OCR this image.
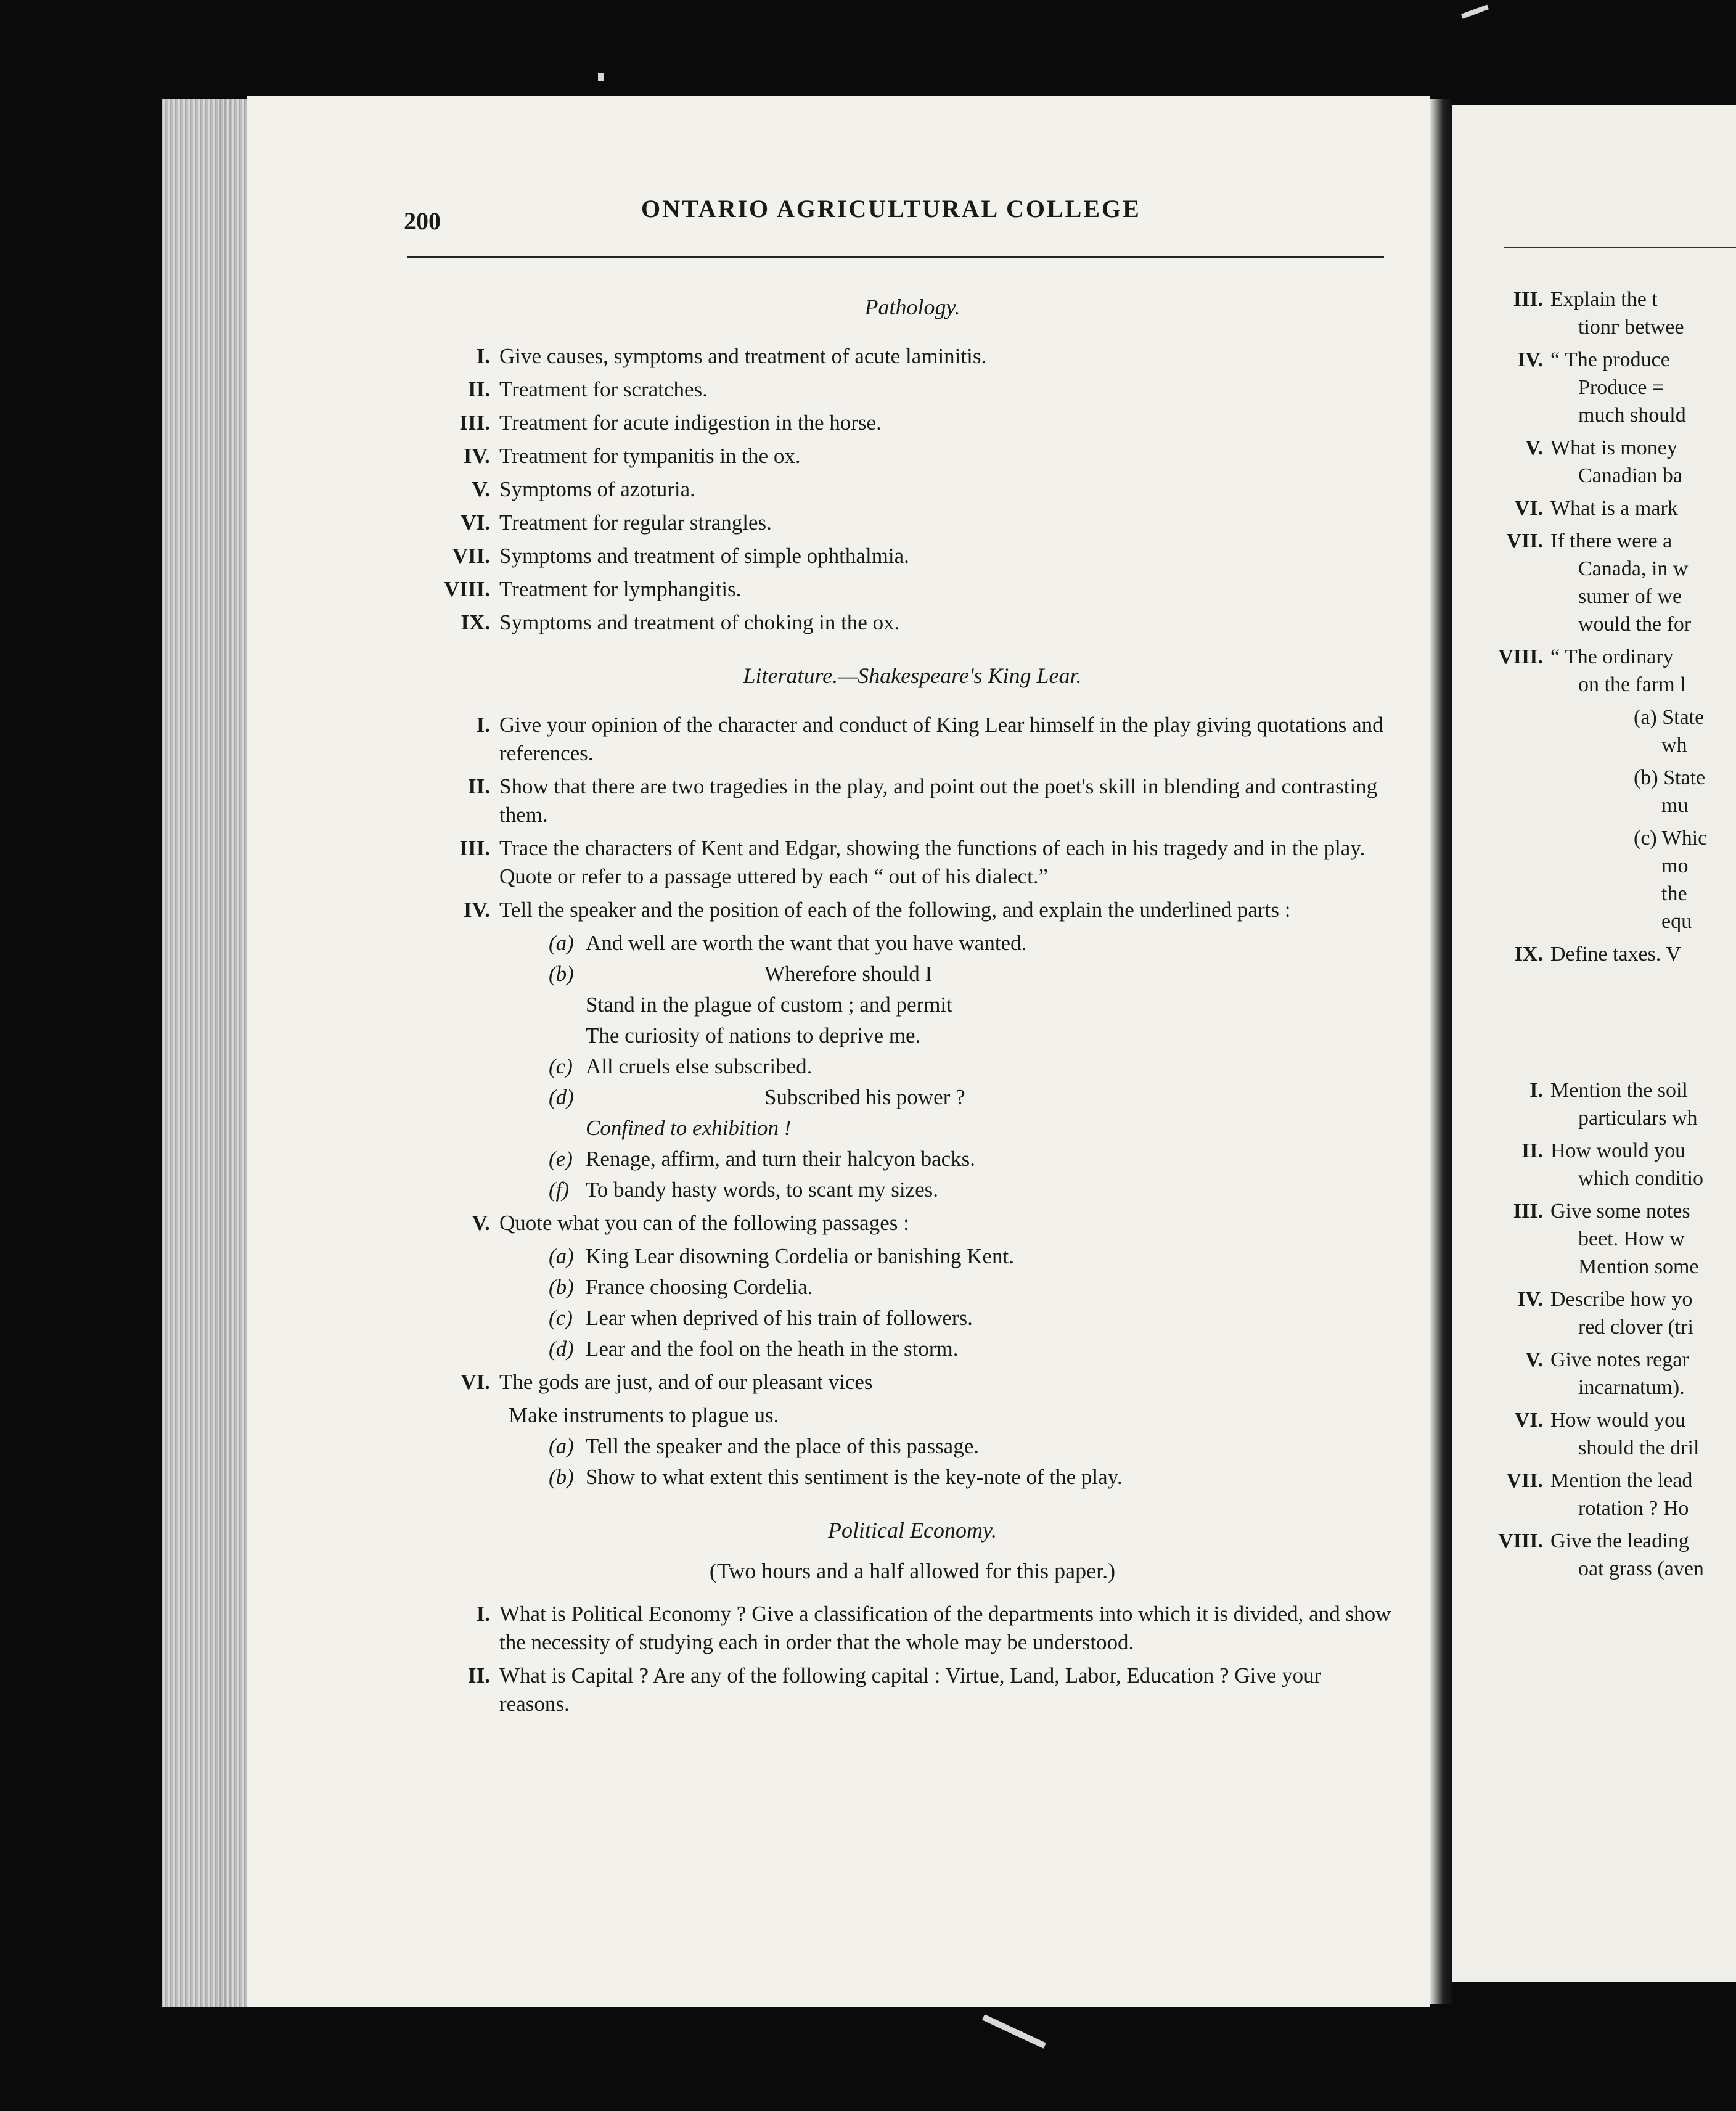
200	ONTARIO AGRICULTURAL COLLEGE
Pathology.
I. Give causes, symptoms and treatment of acute laminitis.
II. Treatment for scratches.
III. Treatment for acute indigestion in the horse.
IV. Treatment for tympanitis in the ox.
V. Symptoms of azoturia.
VI. Treatment for regular strangles.
VII. Symptoms and treatment of simple ophthalmia.
VIII. Treatment for lymphangitis.
IX. Symptoms and treatment of choking in the ox.
Literature.—Shakespeare's King Lear.
I. Give your opinion of the character and conduct of King Lear himself in the play giving quotations and references.
II. Show that there are two tragedies in the play, and point out the poet's skill in blending and contrasting them.
III. Trace the characters of Kent and Edgar, showing the functions of each in his tragedy and in the play. Quote or refer to a passage uttered by each “ out of his dialect.”
IV. Tell the speaker and the position of each of the following, and explain the underlined parts :
(a) And well are worth the want that you have wanted.
(b)	Wherefore should I
Stand in the plague of custom ; and permit
The curiosity of nations to deprive me.
(c) All cruels else subscribed.
(d)	Subscribed his power ?
Confined to exhibition !
(e) Renage, affirm, and turn their halcyon backs.
(f) To bandy hasty words, to scant my sizes.
V. Quote what you can of the following passages :
(a) King Lear disowning Cordelia or banishing Kent.
(b) France choosing Cordelia.
(c) Lear when deprived of his train of followers.
(d) Lear and the fool on the heath in the storm.
VI. The gods are just, and of our pleasant vices
Make instruments to plague us.
(a) Tell the speaker and the place of this passage.
(b) Show to what extent this sentiment is the key-note of the play.
Political Economy.
(Two hours and a half allowed for this paper.)
I. What is Political Economy ? Give a classification of the departments into which it is divided, and show the necessity of studying each in order that the whole may be understood.
II. What is Capital ? Are any of the following capital : Virtue, Land, Labor, Education ? Give your reasons.
III. Explain the t
tionг betwee
IV. “ The produce
Produce =
much should
V. What is money
Canadian ba
VI. What is a mark
VII. If there were a
Canada, in w
sumer of we
would the for
VIII. “ The ordinary
on the farm l
(a) State
wh
(b) State
mu
(c) Whic
mo
the
equ
IX. Define taxes. V
I. Mention the soil
particulars wh
II. How would you
which conditio
III. Give some notes
beet. How w
Mention some
IV. Describe how yo
red clover (tri
V. Give notes regar
incarnatum).
VI. How would you
should the dril
VII. Mention the lead
rotation ? Ho
VIII. Give the leading
oat grass (aven
